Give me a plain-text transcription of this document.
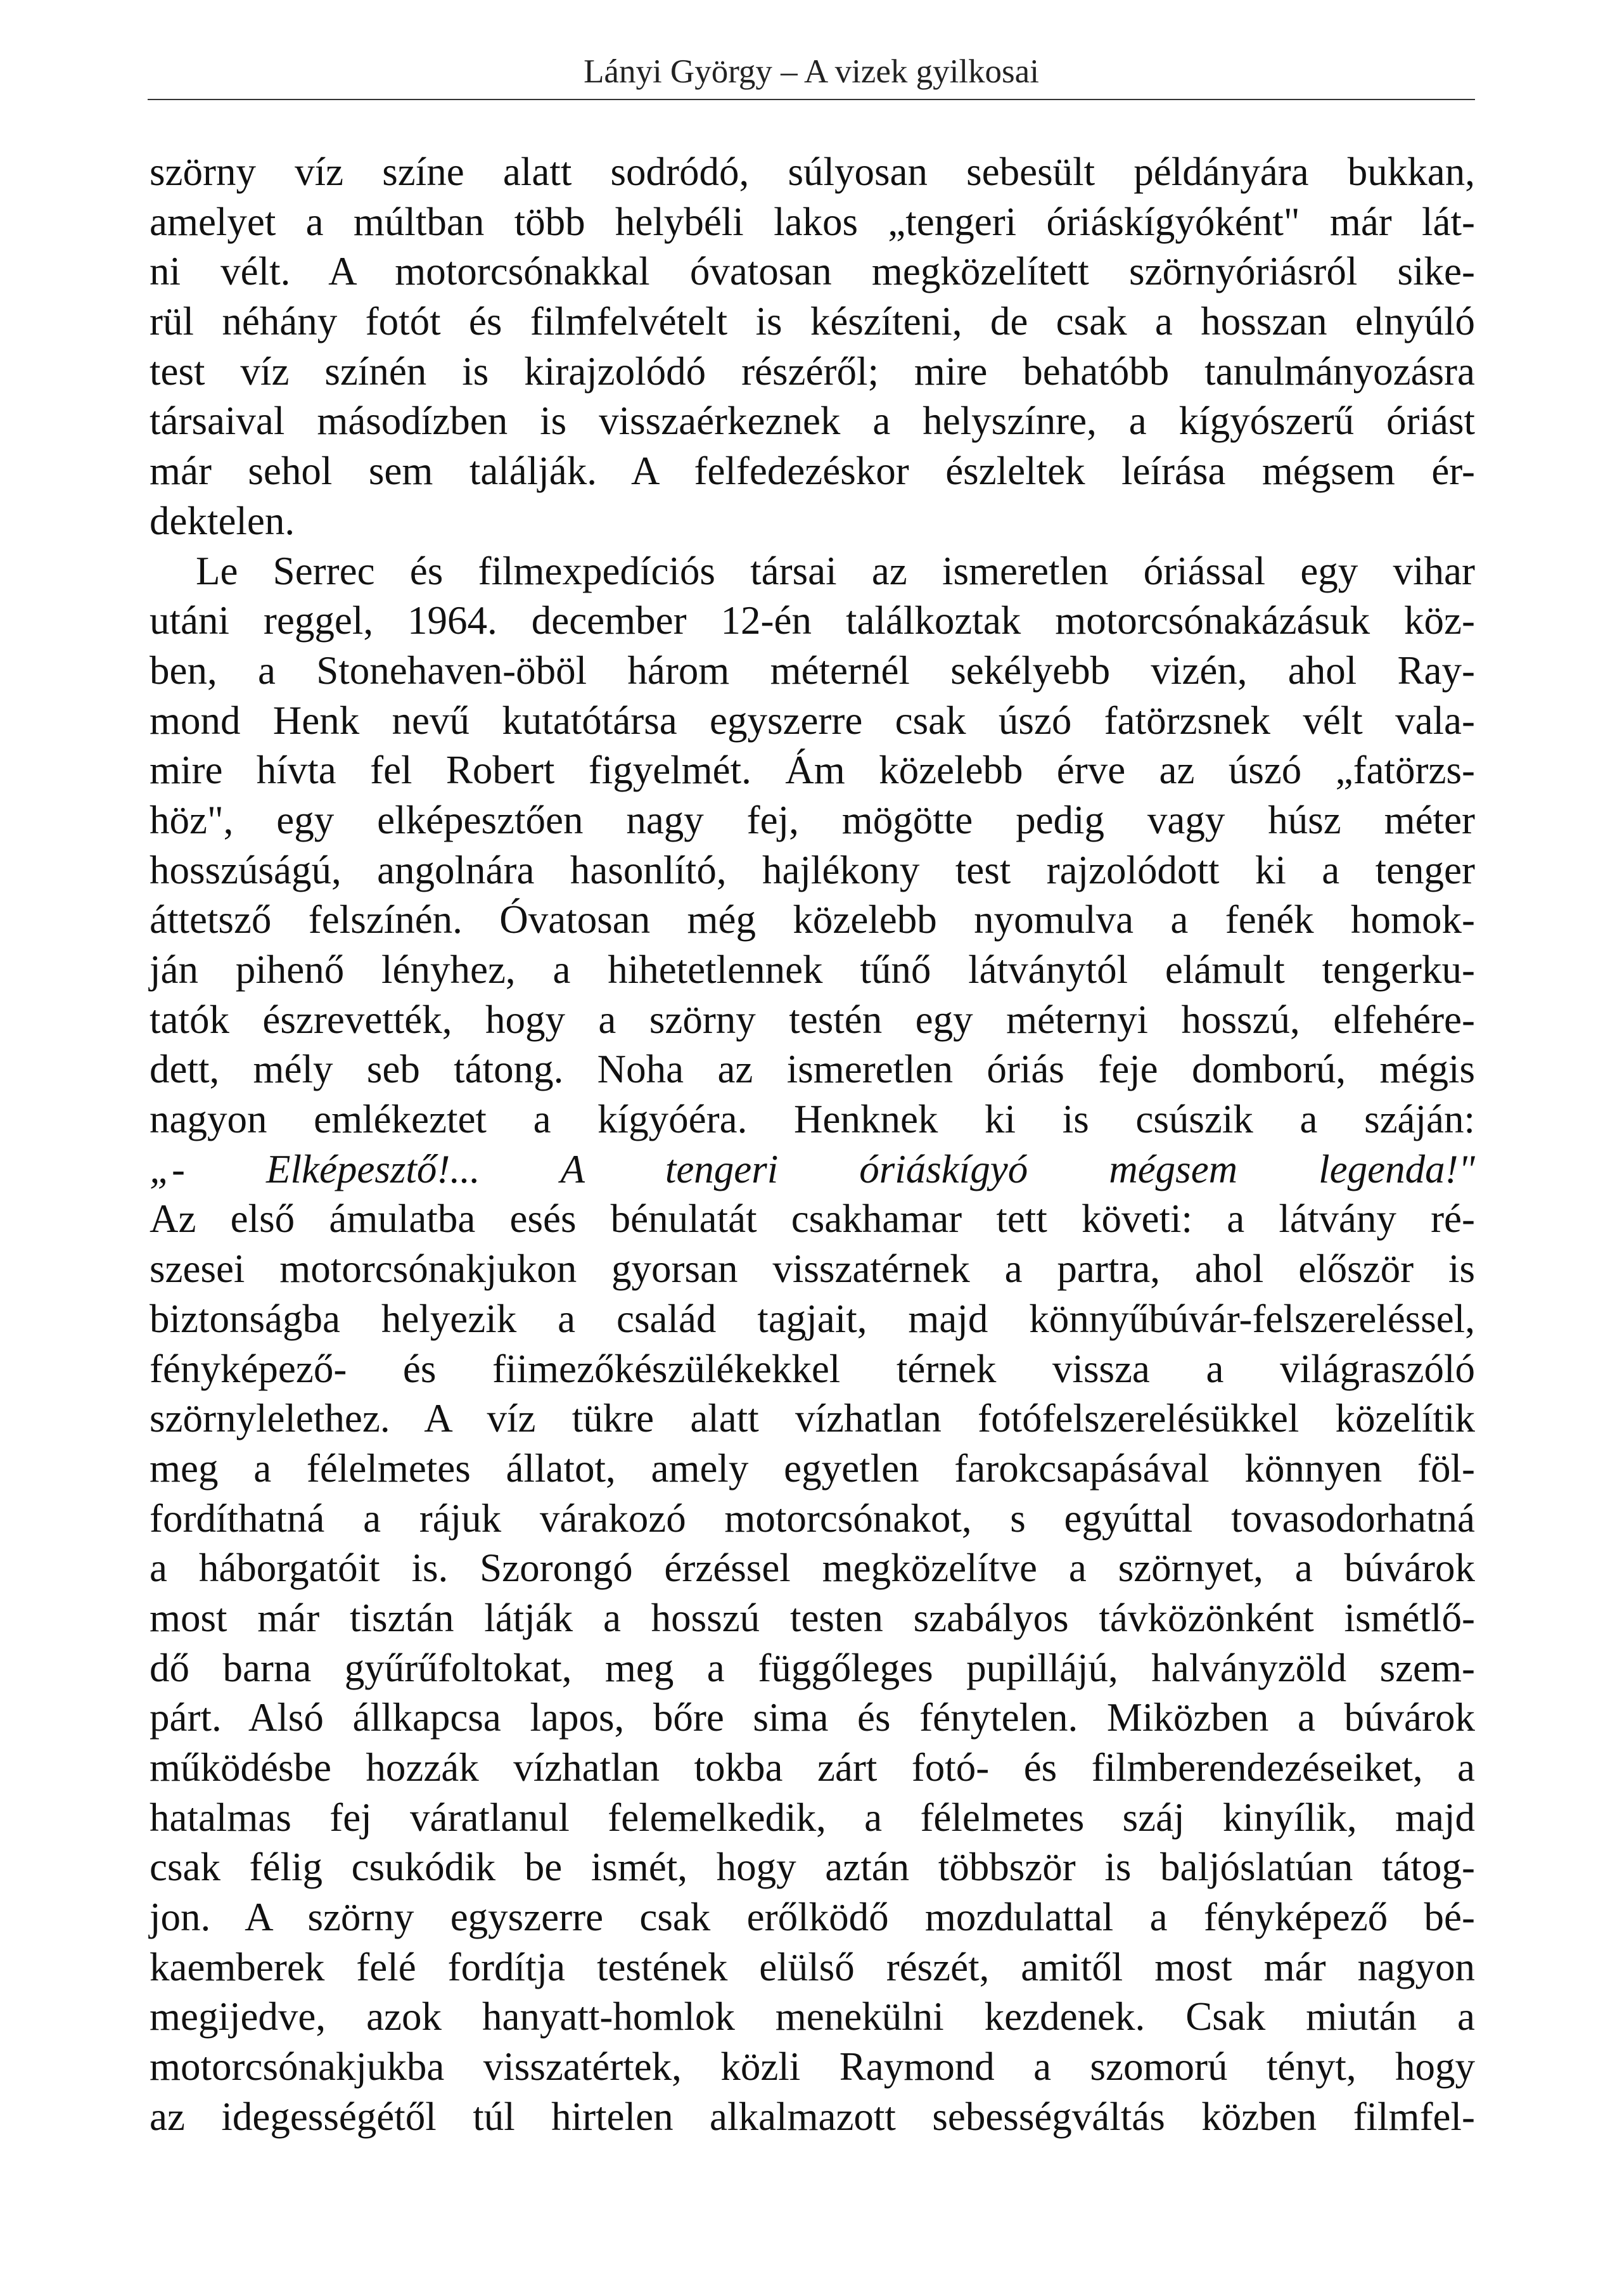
Lányi György – A vizek gyilkosai
szörny víz színe alatt sodródó, súlyosan sebesült példányára bukkan,
amelyet a múltban több helybéli lakos „tengeri óriáskígyóként" már lát-
ni vélt. A motorcsónakkal óvatosan megközelített szörnyóriásról sike-
rül néhány fotót és filmfelvételt is készíteni, de csak a hosszan elnyúló
test víz színén is kirajzolódó részéről; mire behatóbb tanulmányozásra
társaival másodízben is visszaérkeznek a helyszínre, a kígyószerű óriást
már sehol sem találják. A felfedezéskor észleltek leírása mégsem ér-
dektelen.
Le Serrec és filmexpedíciós társai az ismeretlen óriással egy vihar
utáni reggel, 1964. december 12-én találkoztak motorcsónakázásuk köz-
ben, a Stonehaven-öböl három méternél sekélyebb vizén, ahol Ray-
mond Henk nevű kutatótársa egyszerre csak úszó fatörzsnek vélt vala-
mire hívta fel Robert figyelmét. Ám közelebb érve az úszó „fatörzs-
höz", egy elképesztően nagy fej, mögötte pedig vagy húsz méter
hosszúságú, angolnára hasonlító, hajlékony test rajzolódott ki a tenger
áttetsző felszínén. Óvatosan még közelebb nyomulva a fenék homok-
ján pihenő lényhez, a hihetetlennek tűnő látványtól elámult tengerku-
tatók észrevették, hogy a szörny testén egy méternyi hosszú, elfehére-
dett, mély seb tátong. Noha az ismeretlen óriás feje domború, mégis
nagyon emlékeztet a kígyóéra. Henknek ki is csúszik a száján:
„- Elképesztő!... A tengeri óriáskígyó mégsem legenda!"
Az első ámulatba esés bénulatát csakhamar tett követi: a látvány ré-
szesei motorcsónakjukon gyorsan visszatérnek a partra, ahol először is
biztonságba helyezik a család tagjait, majd könnyűbúvár-felszereléssel,
fényképező- és fiimezőkészülékekkel térnek vissza a világraszóló
szörnylelethez. A víz tükre alatt vízhatlan fotófelszerelésükkel közelítik
meg a félelmetes állatot, amely egyetlen farokcsapásával könnyen föl-
fordíthatná a rájuk várakozó motorcsónakot, s egyúttal tovasodorhatná
a háborgatóit is. Szorongó érzéssel megközelítve a szörnyet, a búvárok
most már tisztán látják a hosszú testen szabályos távközönként ismétlő-
dő barna gyűrűfoltokat, meg a függőleges pupillájú, halványzöld szem-
párt. Alsó állkapcsa lapos, bőre sima és fénytelen. Miközben a búvárok
működésbe hozzák vízhatlan tokba zárt fotó- és filmberendezéseiket, a
hatalmas fej váratlanul felemelkedik, a félelmetes száj kinyílik, majd
csak félig csukódik be ismét, hogy aztán többször is baljóslatúan tátog-
jon. A szörny egyszerre csak erőlködő mozdulattal a fényképező bé-
kaemberek felé fordítja testének elülső részét, amitől most már nagyon
megijedve, azok hanyatt-homlok menekülni kezdenek. Csak miután a
motorcsónakjukba visszatértek, közli Raymond a szomorú tényt, hogy
az idegességétől túl hirtelen alkalmazott sebességváltás közben filmfel-
